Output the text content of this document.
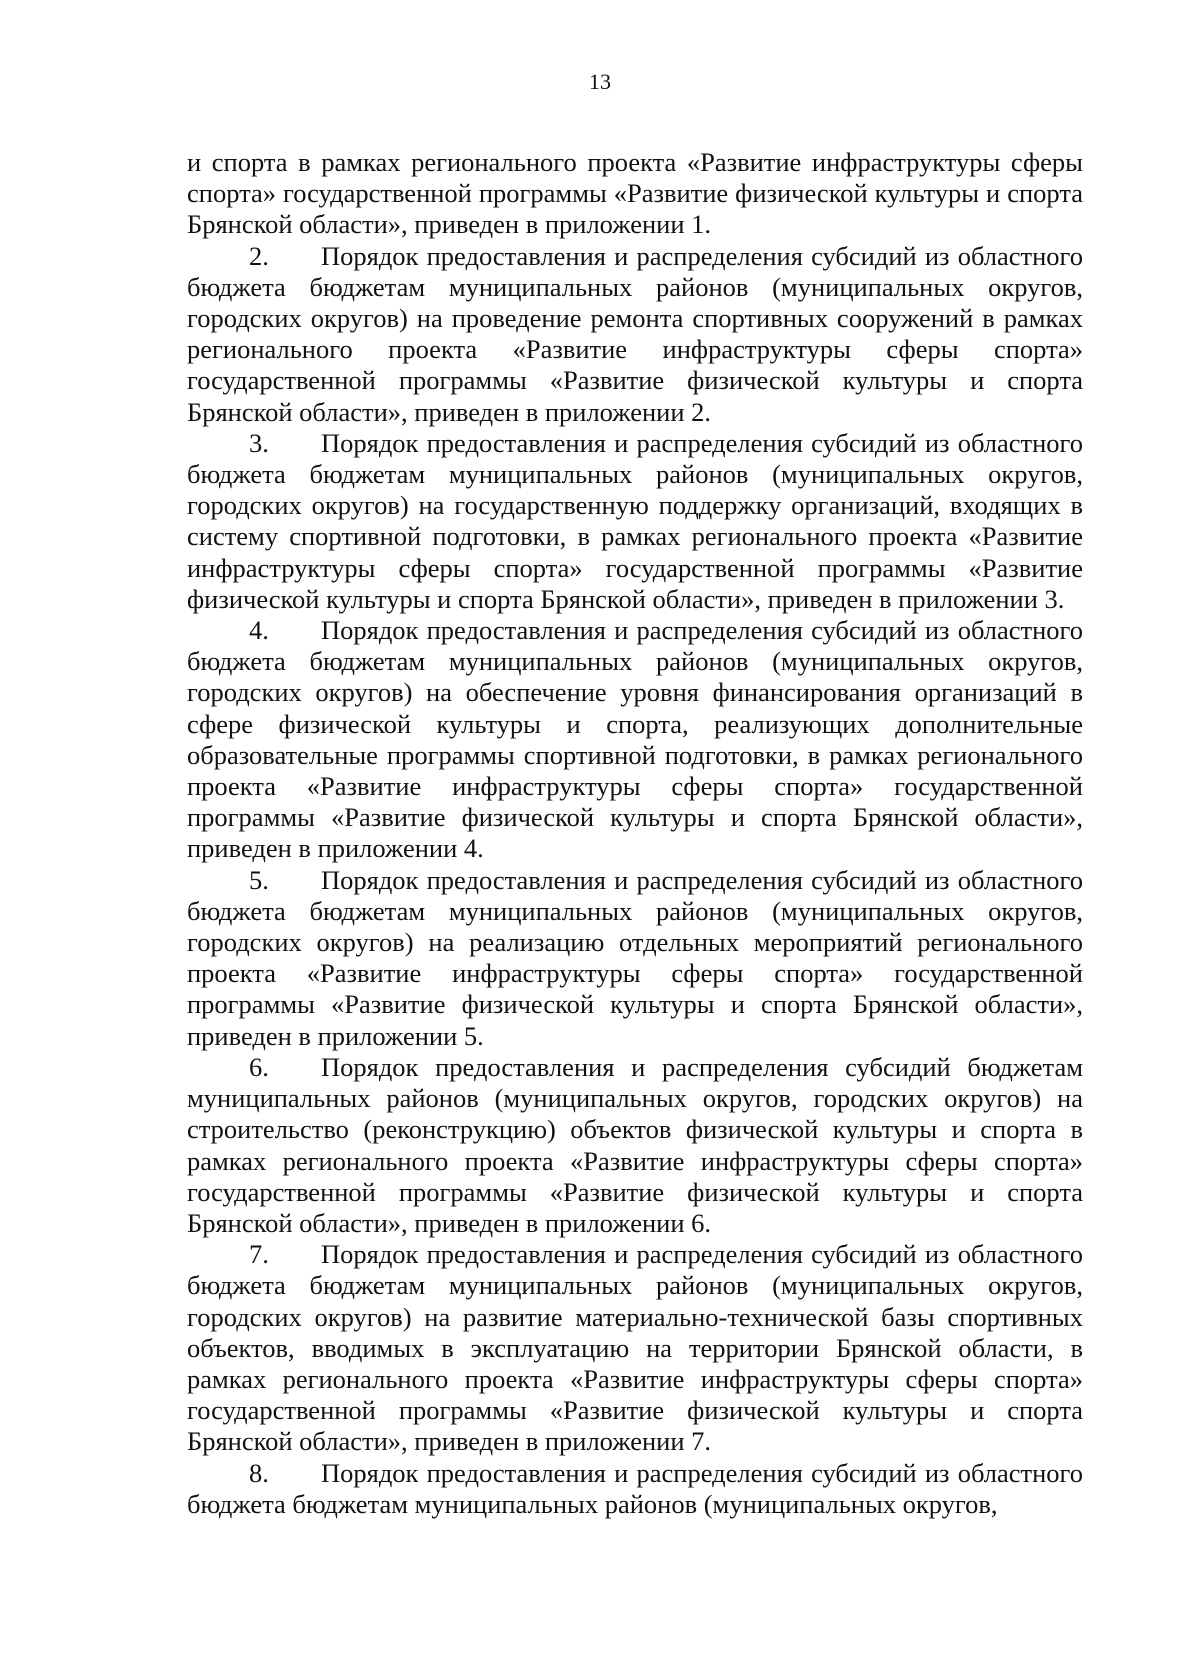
13

и спорта в рамках регионального проекта «Развитие инфраструктуры сферы спорта» государственной программы «Развитие физической культуры и спорта Брянской области», приведен в приложении 1.

2. Порядок предоставления и распределения субсидий из областного бюджета бюджетам муниципальных районов (муниципальных округов, городских округов) на проведение ремонта спортивных сооружений в рамках регионального проекта «Развитие инфраструктуры сферы спорта» государственной программы «Развитие физической культуры и спорта Брянской области», приведен в приложении 2.

3. Порядок предоставления и распределения субсидий из областного бюджета бюджетам муниципальных районов (муниципальных округов, городских округов) на государственную поддержку организаций, входящих в систему спортивной подготовки, в рамках регионального проекта «Развитие инфраструктуры сферы спорта» государственной программы «Развитие физической культуры и спорта Брянской области», приведен в приложении 3.

4. Порядок предоставления и распределения субсидий из областного бюджета бюджетам муниципальных районов (муниципальных округов, городских округов) на обеспечение уровня финансирования организаций в сфере физической культуры и спорта, реализующих дополнительные образовательные программы спортивной подготовки, в рамках регионального проекта «Развитие инфраструктуры сферы спорта» государственной программы «Развитие физической культуры и спорта Брянской области», приведен в приложении 4.

5. Порядок предоставления и распределения субсидий из областного бюджета бюджетам муниципальных районов (муниципальных округов, городских округов) на реализацию отдельных мероприятий регионального проекта «Развитие инфраструктуры сферы спорта» государственной программы «Развитие физической культуры и спорта Брянской области», приведен в приложении 5.

6. Порядок предоставления и распределения субсидий бюджетам муниципальных районов (муниципальных округов, городских округов) на строительство (реконструкцию) объектов физической культуры и спорта в рамках регионального проекта «Развитие инфраструктуры сферы спорта» государственной программы «Развитие физической культуры и спорта Брянской области», приведен в приложении 6.

7. Порядок предоставления и распределения субсидий из областного бюджета бюджетам муниципальных районов (муниципальных округов, городских округов) на развитие материально-технической базы спортивных объектов, вводимых в эксплуатацию на территории Брянской области, в рамках регионального проекта «Развитие инфраструктуры сферы спорта» государственной программы «Развитие физической культуры и спорта Брянской области», приведен в приложении 7.

8. Порядок предоставления и распределения субсидий из областного бюджета бюджетам муниципальных районов (муниципальных округов,
